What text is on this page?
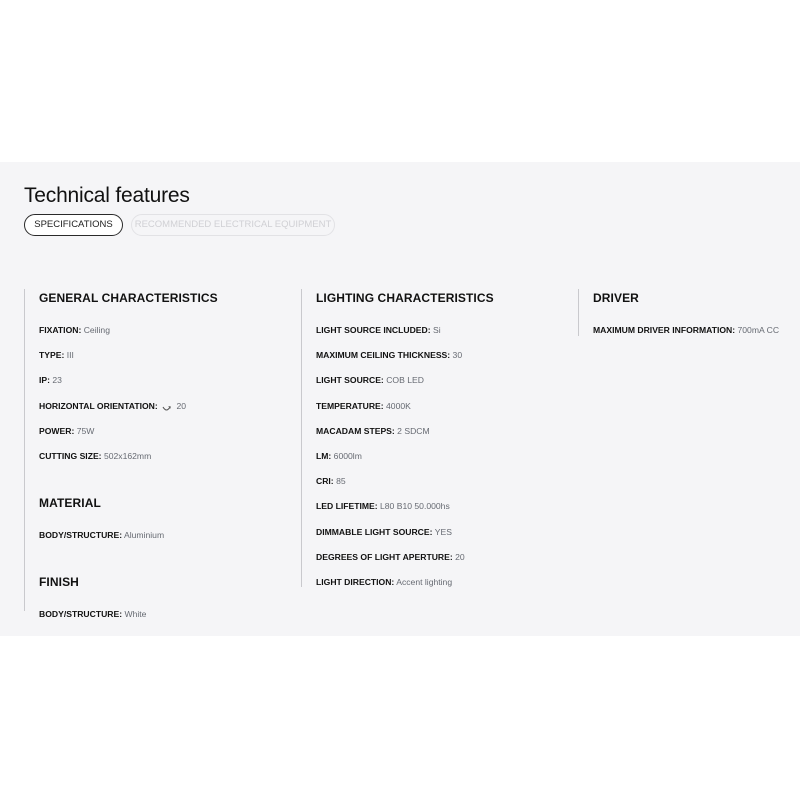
Technical features
SPECIFICATIONS	RECOMMENDED ELECTRICAL EQUIPMENT
GENERAL CHARACTERISTICS
FIXATION: Ceiling
TYPE: III
IP: 23
HORIZONTAL ORIENTATION: 20
POWER: 75W
CUTTING SIZE: 502x162mm
MATERIAL
BODY/STRUCTURE: Aluminium
FINISH
BODY/STRUCTURE: White
LIGHTING CHARACTERISTICS
LIGHT SOURCE INCLUDED: Si
MAXIMUM CEILING THICKNESS: 30
LIGHT SOURCE: COB LED
TEMPERATURE: 4000K
MACADAM STEPS: 2 SDCM
LM: 6000lm
CRI: 85
LED LIFETIME: L80 B10 50.000hs
DIMMABLE LIGHT SOURCE: YES
DEGREES OF LIGHT APERTURE: 20
LIGHT DIRECTION: Accent lighting
DRIVER
MAXIMUM DRIVER INFORMATION: 700mA CC
